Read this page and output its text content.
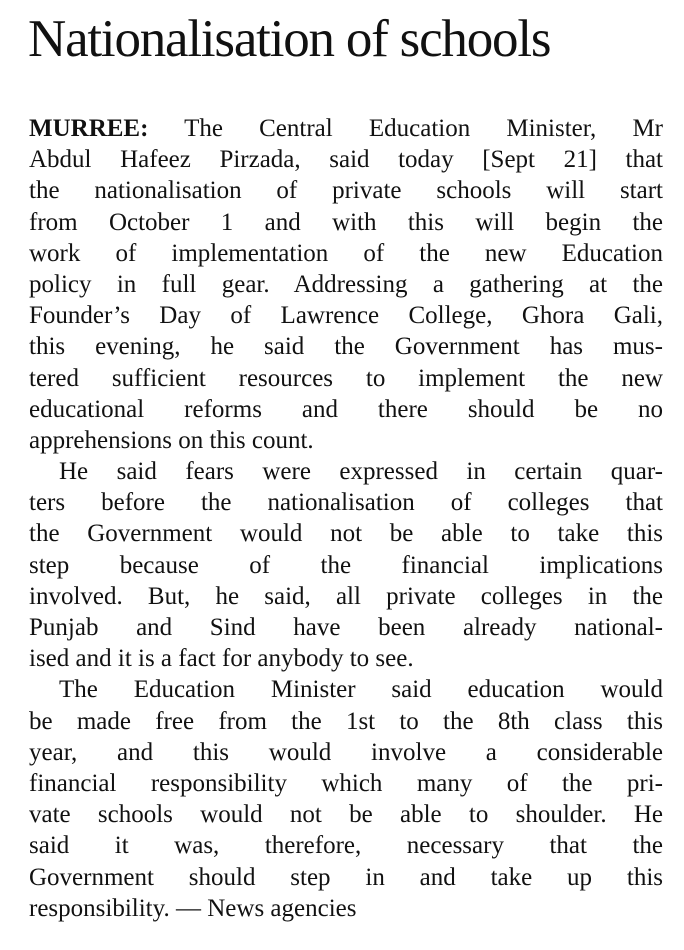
Nationalisation of schools
MURREE: The Central Education Minister, Mr
Abdul Hafeez Pirzada, said today [Sept 21] that
the nationalisation of private schools will start
from October 1 and with this will begin the
work of implementation of the new Education
policy in full gear. Addressing a gathering at the
Founder’s Day of Lawrence College, Ghora Gali,
this evening, he said the Government has mus-
tered sufficient resources to implement the new
educational reforms and there should be no
apprehensions on this count.
He said fears were expressed in certain quar-
ters before the nationalisation of colleges that
the Government would not be able to take this
step because of the financial implications
involved. But, he said, all private colleges in the
Punjab and Sind have been already national-
ised and it is a fact for anybody to see.
The Education Minister said education would
be made free from the 1st to the 8th class this
year, and this would involve a considerable
financial responsibility which many of the pri-
vate schools would not be able to shoulder. He
said it was, therefore, necessary that the
Government should step in and take up this
responsibility. — News agencies
